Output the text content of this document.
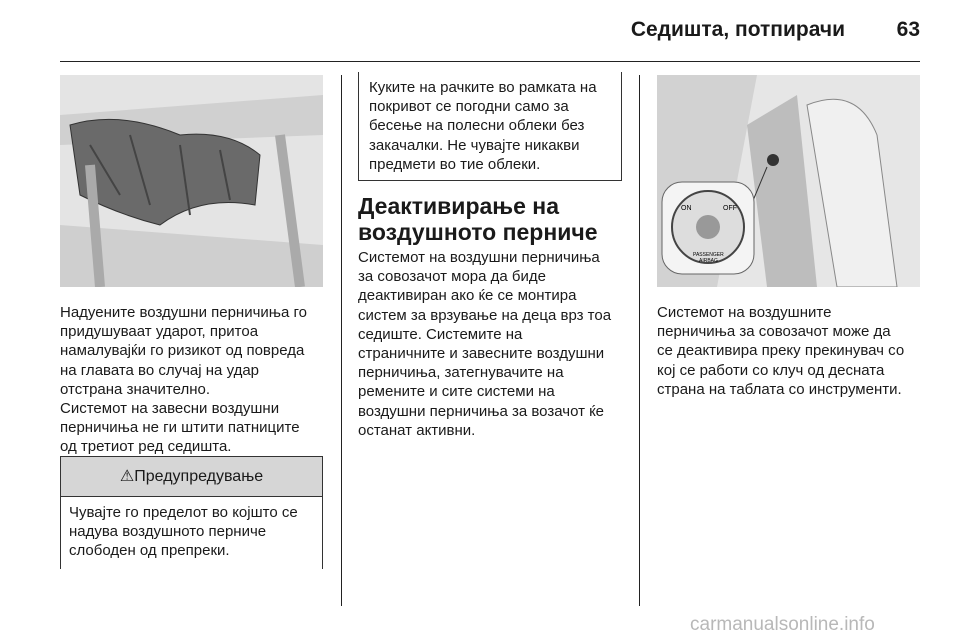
Седишта, потпирачи	63
Надуените воздушни перничиња го
придушуваат ударот, притоа
намалувајќи го ризикот од повреда
на главата во случај на удар
отстрана значително.
Системот на завесни воздушни
перничиња не ги штити патниците
од третиот ред седишта.
⚠Предупредување
Чувајте го пределот во којшто се
надува воздушното перниче
слободен од препреки.
Куките на рачките во рамката на
покривот се погодни само за
бесење на полесни облеки без
закачалки. Не чувајте никакви
предмети во тие облеки.
Деактивирање на
воздушното перниче
Системот на воздушни перничиња
за совозачот мора да биде
деактивиран ако ќе се монтира
систем за врзување на деца врз тоа
седиште. Системите на
страничните и завесните воздушни
перничиња, затегнувачите на
ремените и сите системи на
воздушни перничиња за возачот ќе
останат активни.
ON	OFF
PASSENGER
AIRBAG
Системот на воздушните
перничиња за совозачот може да
се деактивира преку прекинувач со
кој се работи со клуч од десната
страна на таблата со инструменти.
carmanualsonline.info
